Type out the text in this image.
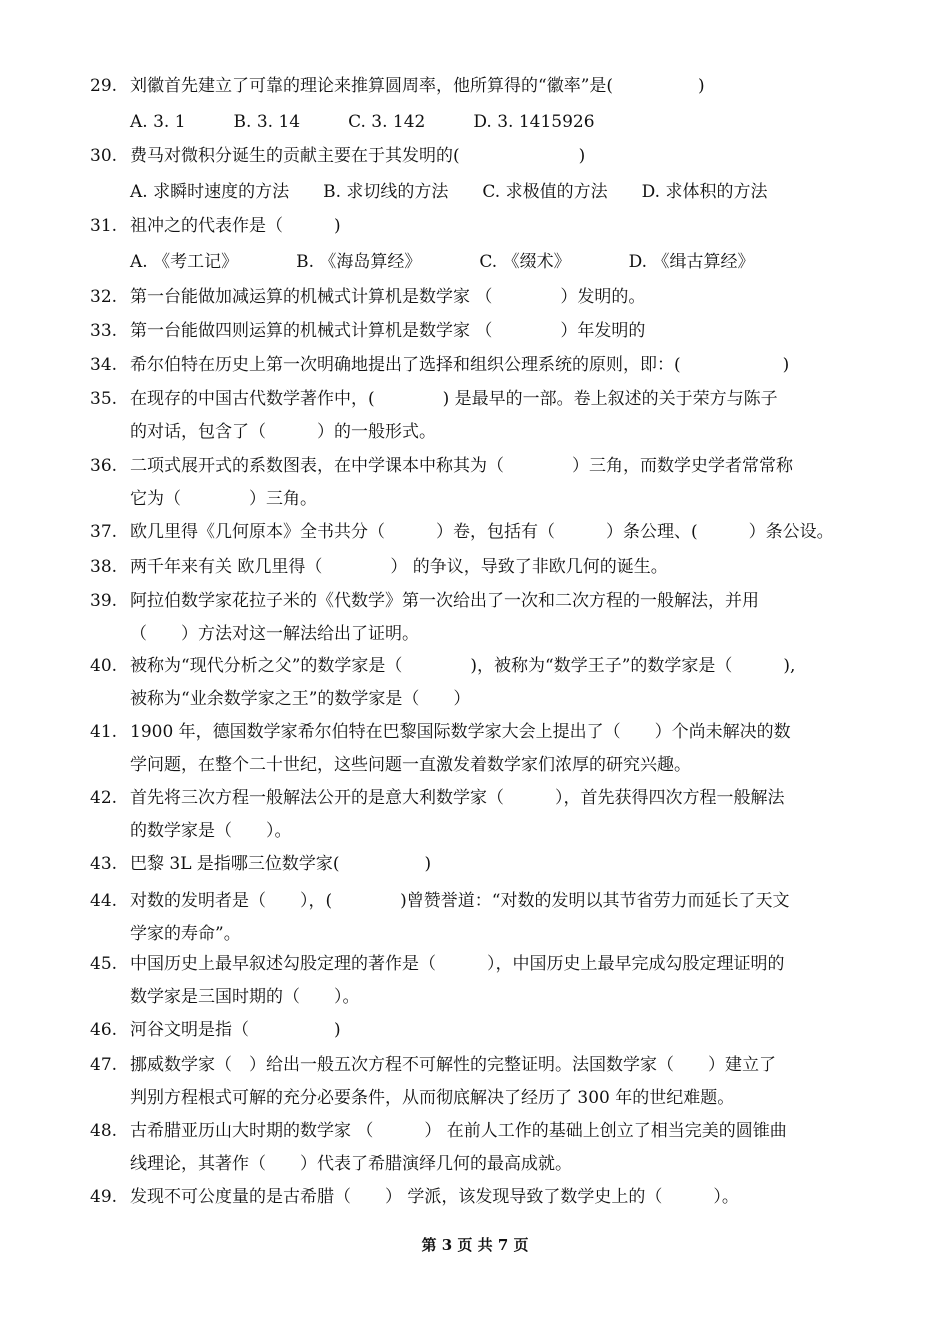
29. 刘徽首先建立了可靠的理论来推算圆周率，他所算得的“徽率”是(　　　　　)
A. 3. 1	B. 3. 14	C. 3. 142	D. 3. 1415926
30. 费马对微积分诞生的贡献主要在于其发明的(　　　　　　　)
A. 求瞬时速度的方法 B. 求切线的方法 C. 求极值的方法 D. 求体积的方法
31. 祖冲之的代表作是（　　　)
A. 《考工记》	B. 《海岛算经》	C. 《缀术》	D. 《缉古算经》
32. 第一台能做加减运算的机械式计算机是数学家 （　　　　）发明的。
33. 第一台能做四则运算的机械式计算机是数学家 （　　　　）年发明的
34. 希尔伯特在历史上第一次明确地提出了选择和组织公理系统的原则，即：(　　　　　　)
35. 在现存的中国古代数学著作中，(　　　　) 是最早的一部。卷上叙述的关于荣方与陈子
的对话，包含了（　　　）的一般形式。
36. 二项式展开式的系数图表，在中学课本中称其为（　　　　）三角，而数学史学者常常称
它为（　　　　）三角。
37. 欧几里得《几何原本》全书共分（　　　）卷，包括有（　　　）条公理、(　　　）条公设。
38. 两千年来有关 欧几里得（　　　　） 的争议，导致了非欧几何的诞生。
39. 阿拉伯数学家花拉子米的《代数学》第一次给出了一次和二次方程的一般解法，并用
（　　）方法对这一解法给出了证明。
40. 被称为“现代分析之父”的数学家是（　　　　)，被称为“数学王子”的数学家是（　　　),
被称为“业余数学家之王”的数学家是（　　）
41. 1900 年，德国数学家希尔伯特在巴黎国际数学家大会上提出了（　　）个尚未解决的数
学问题，在整个二十世纪，这些问题一直激发着数学家们浓厚的研究兴趣。
42. 首先将三次方程一般解法公开的是意大利数学家（　　　），首先获得四次方程一般解法
的数学家是（　　）。
43. 巴黎 3L 是指哪三位数学家(　　　　　)
44. 对数的发明者是（　　），(　　　　)曾赞誉道：“对数的发明以其节省劳力而延长了天文
学家的寿命”。
45. 中国历史上最早叙述勾股定理的著作是（　　　），中国历史上最早完成勾股定理证明的
数学家是三国时期的（　　）。
46. 河谷文明是指（　　　　　)
47. 挪威数学家（　）给出一般五次方程不可解性的完整证明。法国数学家（　　）建立了
判别方程根式可解的充分必要条件，从而彻底解决了经历了 300 年的世纪难题。
48. 古希腊亚历山大时期的数学家 （　　　） 在前人工作的基础上创立了相当完美的圆锥曲
线理论，其著作（　　）代表了希腊演绎几何的最高成就。
49. 发现不可公度量的是古希腊（　　） 学派，该发现导致了数学史上的（　　　）。
第 3 页 共 7 页
